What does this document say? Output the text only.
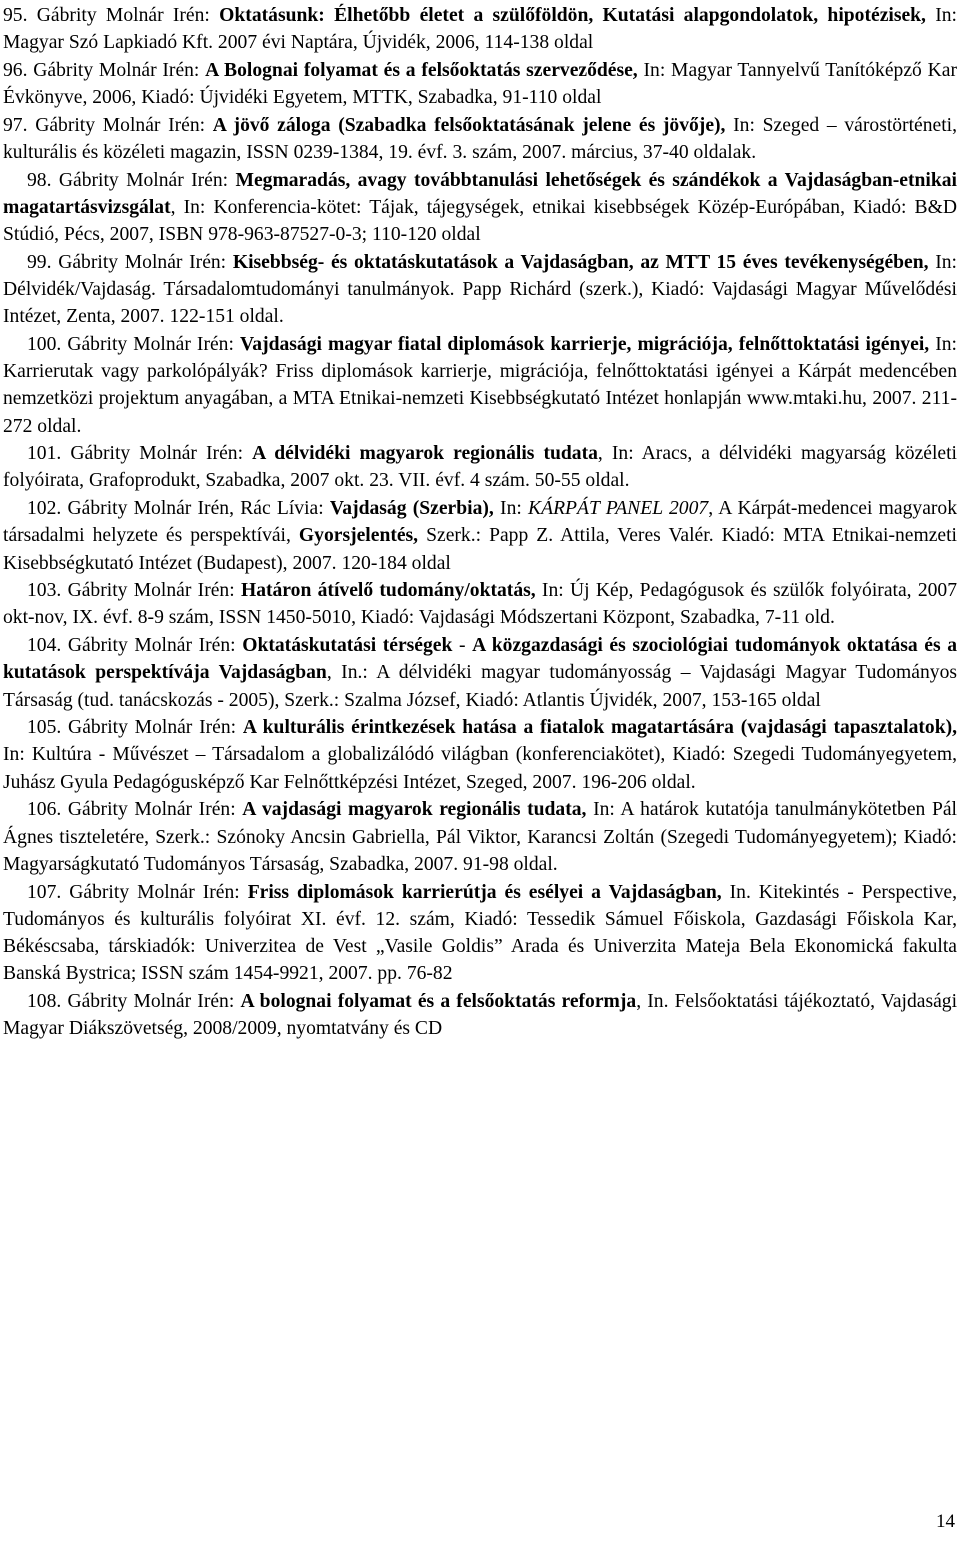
95. Gábrity Molnár Irén: Oktatásunk: Élhetőbb életet a szülőföldön, Kutatási alapgondolatok, hipotézisek, In: Magyar Szó Lapkiadó Kft. 2007 évi Naptára, Újvidék, 2006, 114-138 oldal

96. Gábrity Molnár Irén: A Bolognai folyamat és a felsőoktatás szerveződése, In: Magyar Tannyelvű Tanítóképző Kar Évkönyve, 2006, Kiadó: Újvidéki Egyetem, MTTK, Szabadka, 91-110 oldal

97. Gábrity Molnár Irén: A jövő záloga (Szabadka felsőoktatásának jelene és jövője), In: Szeged – várostörténeti, kulturális és közéleti magazin, ISSN 0239-1384, 19. évf. 3. szám, 2007. március, 37-40 oldalak.

98. Gábrity Molnár Irén: Megmaradás, avagy továbbtanulási lehetőségek és szándékok a Vajdaságban-etnikai magatartásvizsgálat, In: Konferencia-kötet: Tájak, tájegységek, etnikai kisebbségek Közép-Európában, Kiadó: B&D Stúdió, Pécs, 2007, ISBN 978-963-87527-0-3; 110-120 oldal

99. Gábrity Molnár Irén: Kisebbség- és oktatáskutatások a Vajdaságban, az MTT 15 éves tevékenységében, In: Délvidék/Vajdaság. Társadalomtudományi tanulmányok. Papp Richárd (szerk.), Kiadó: Vajdasági Magyar Művelődési Intézet, Zenta, 2007. 122-151 oldal.

100. Gábrity Molnár Irén: Vajdasági magyar fiatal diplomások karrierje, migrációja, felnőttoktatási igényei, In: Karrierutak vagy parkolópályák? Friss diplomások karrierje, migrációja, felnőttoktatási igényei a Kárpát medencében nemzetközi projektum anyagában, a MTA Etnikai-nemzeti Kisebbségkutató Intézet honlapján www.mtaki.hu, 2007. 211-272 oldal.

101. Gábrity Molnár Irén: A délvidéki magyarok regionális tudata, In: Aracs, a délvidéki magyarság közéleti folyóirata, Grafoprodukt, Szabadka, 2007 okt. 23. VII. évf. 4 szám. 50-55 oldal.

102. Gábrity Molnár Irén, Rác Lívia: Vajdaság (Szerbia), In: KÁRPÁT PANEL 2007, A Kárpát-medencei magyarok társadalmi helyzete és perspektívái, Gyorsjelentés, Szerk.: Papp Z. Attila, Veres Valér. Kiadó: MTA Etnikai-nemzeti Kisebbségkutató Intézet (Budapest), 2007. 120-184 oldal

103. Gábrity Molnár Irén: Határon átívelő tudomány/oktatás, In: Új Kép, Pedagógusok és szülők folyóirata, 2007 okt-nov, IX. évf. 8-9 szám, ISSN 1450-5010, Kiadó: Vajdasági Módszertani Központ, Szabadka, 7-11 old.

104. Gábrity Molnár Irén: Oktatáskutatási térségek - A közgazdasági és szociológiai tudományok oktatása és a kutatások perspektívája Vajdaságban, In.: A délvidéki magyar tudományosság – Vajdasági Magyar Tudományos Társaság (tud. tanácskozás - 2005), Szerk.: Szalma József, Kiadó: Atlantis Újvidék, 2007, 153-165 oldal

105. Gábrity Molnár Irén: A kulturális érintkezések hatása a fiatalok magatartására (vajdasági tapasztalatok), In: Kultúra - Művészet – Társadalom a globalizálódó világban (konferenciakötet), Kiadó: Szegedi Tudományegyetem, Juhász Gyula Pedagógusképző Kar Felnőttképzési Intézet, Szeged, 2007. 196-206 oldal.

106. Gábrity Molnár Irén: A vajdasági magyarok regionális tudata, In: A határok kutatója tanulmánykötetben Pál Ágnes tiszteletére, Szerk.: Szónoky Ancsin Gabriella, Pál Viktor, Karancsi Zoltán (Szegedi Tudományegyetem); Kiadó: Magyarságkutató Tudományos Társaság, Szabadka, 2007. 91-98 oldal.

107. Gábrity Molnár Irén: Friss diplomások karrierútja és esélyei a Vajdaságban, In. Kitekintés - Perspective, Tudományos és kulturális folyóirat XI. évf. 12. szám, Kiadó: Tessedik Sámuel Főiskola, Gazdasági Főiskola Kar, Békéscsaba, társkiadók: Univerzitea de Vest „Vasile Goldis” Arada és Univerzita Mateja Bela Ekonomická fakulta Banská Bystrica; ISSN szám 1454-9921, 2007. pp. 76-82

108. Gábrity Molnár Irén: A bolognai folyamat és a felsőoktatás reformja, In. Felsőoktatási tájékoztató, Vajdasági Magyar Diákszövetség, 2008/2009, nyomtatvány és CD

14
